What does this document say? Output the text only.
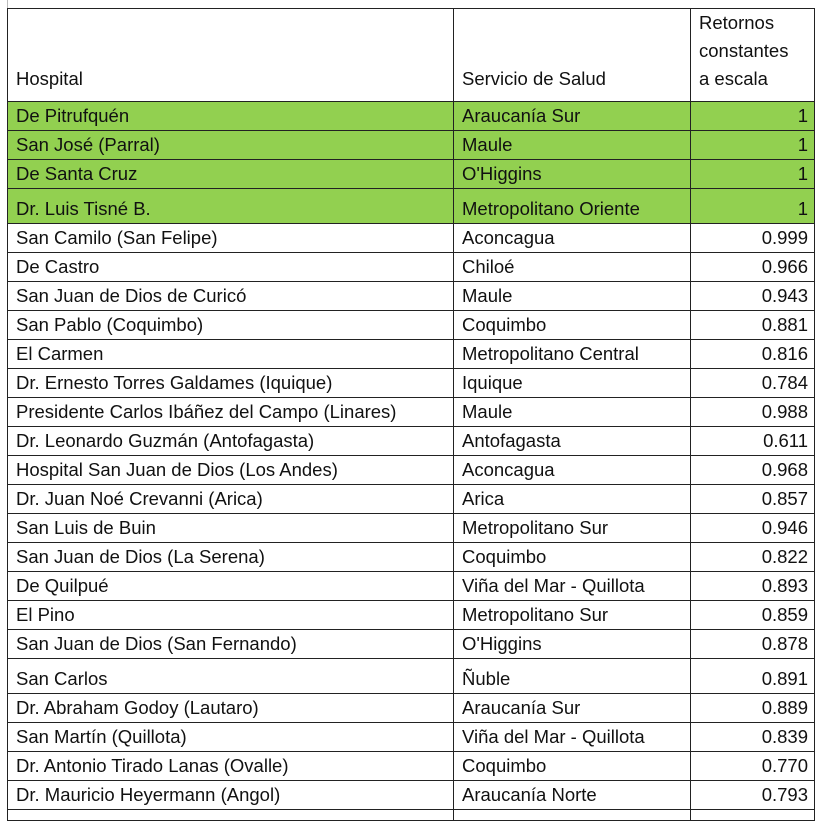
Hospital	Servicio de Salud	Retornos
constantes
a escala
De Pitrufquén	Araucanía Sur	1
San José (Parral)	Maule	1
De Santa Cruz	O'Higgins	1
Dr. Luis Tisné B.	Metropolitano Oriente	1
San Camilo (San Felipe)	Aconcagua	0.999
De Castro	Chiloé	0.966
San Juan de Dios de Curicó	Maule	0.943
San Pablo (Coquimbo)	Coquimbo	0.881
El Carmen	Metropolitano Central	0.816
Dr. Ernesto Torres Galdames (Iquique)	Iquique	0.784
Presidente Carlos Ibáñez del Campo (Linares)	Maule	0.988
Dr. Leonardo Guzmán (Antofagasta)	Antofagasta	0.611
Hospital San Juan de Dios (Los Andes)	Aconcagua	0.968
Dr. Juan Noé Crevanni (Arica)	Arica	0.857
San Luis de Buin	Metropolitano Sur	0.946
San Juan de Dios (La Serena)	Coquimbo	0.822
De Quilpué	Viña del Mar - Quillota	0.893
El Pino	Metropolitano Sur	0.859
San Juan de Dios (San Fernando)	O'Higgins	0.878
San Carlos	Ñuble	0.891
Dr. Abraham Godoy (Lautaro)	Araucanía Sur	0.889
San Martín (Quillota)	Viña del Mar - Quillota	0.839
Dr. Antonio Tirado Lanas (Ovalle)	Coquimbo	0.770
Dr. Mauricio Heyermann (Angol)	Araucanía Norte	0.793
